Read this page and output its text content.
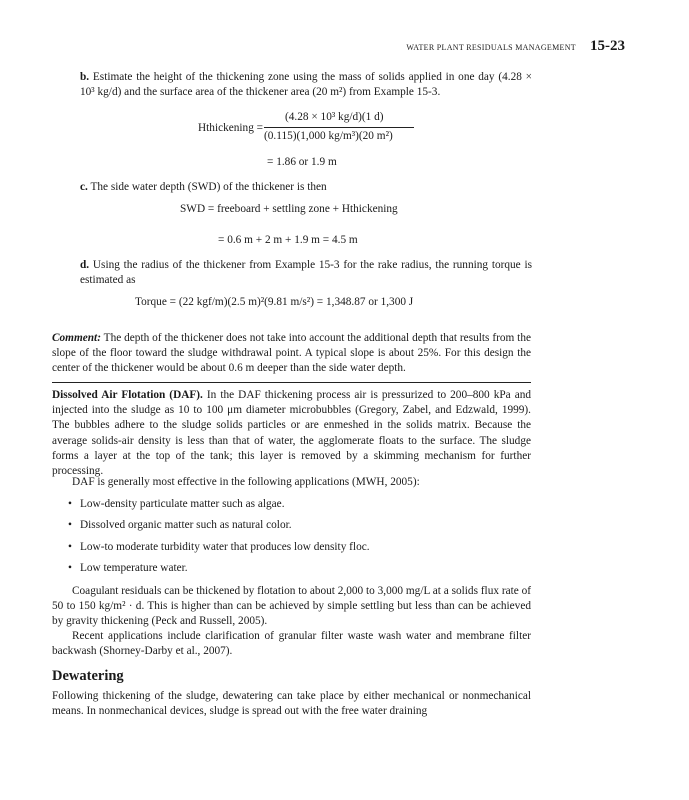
WATER PLANT RESIDUALS MANAGEMENT 15-23
b. Estimate the height of the thickening zone using the mass of solids applied in one day (4.28 × 10³ kg/d) and the surface area of the thickener area (20 m²) from Example 15-3.
Hthickening =
(4.28 × 10³ kg/d)(1 d)
(0.115)(1,000 kg/m³)(20 m²)
= 1.86 or 1.9 m
c. The side water depth (SWD) of the thickener is then
SWD = freeboard + settling zone + Hthickening
= 0.6 m + 2 m + 1.9 m = 4.5 m
d. Using the radius of the thickener from Example 15-3 for the rake radius, the running torque is estimated as
Torque = (22 kgf/m)(2.5 m)²(9.81 m/s²) = 1,348.87 or 1,300 J
Comment: The depth of the thickener does not take into account the additional depth that results from the slope of the floor toward the sludge withdrawal point. A typical slope is about 25%. For this design the center of the thickener would be about 0.6 m deeper than the side water depth.
Dissolved Air Flotation (DAF). In the DAF thickening process air is pressurized to 200–800 kPa and injected into the sludge as 10 to 100 μm diameter microbubbles (Gregory, Zabel, and Edzwald, 1999). The bubbles adhere to the sludge solids particles or are enmeshed in the solids matrix. Because the average solids-air density is less than that of water, the agglomerate floats to the surface. The sludge forms a layer at the top of the tank; this layer is removed by a skimming mechanism for further processing.
DAF is generally most effective in the following applications (MWH, 2005):
• Low-density particulate matter such as algae.
• Dissolved organic matter such as natural color.
• Low-to moderate turbidity water that produces low density floc.
• Low temperature water.
Coagulant residuals can be thickened by flotation to about 2,000 to 3,000 mg/L at a solids flux rate of 50 to 150 kg/m² · d. This is higher than can be achieved by simple settling but less than can be achieved by gravity thickening (Peck and Russell, 2005).
Recent applications include clarification of granular filter waste wash water and membrane filter backwash (Shorney-Darby et al., 2007).
Dewatering
Following thickening of the sludge, dewatering can take place by either mechanical or nonmechanical means. In nonmechanical devices, sludge is spread out with the free water draining
